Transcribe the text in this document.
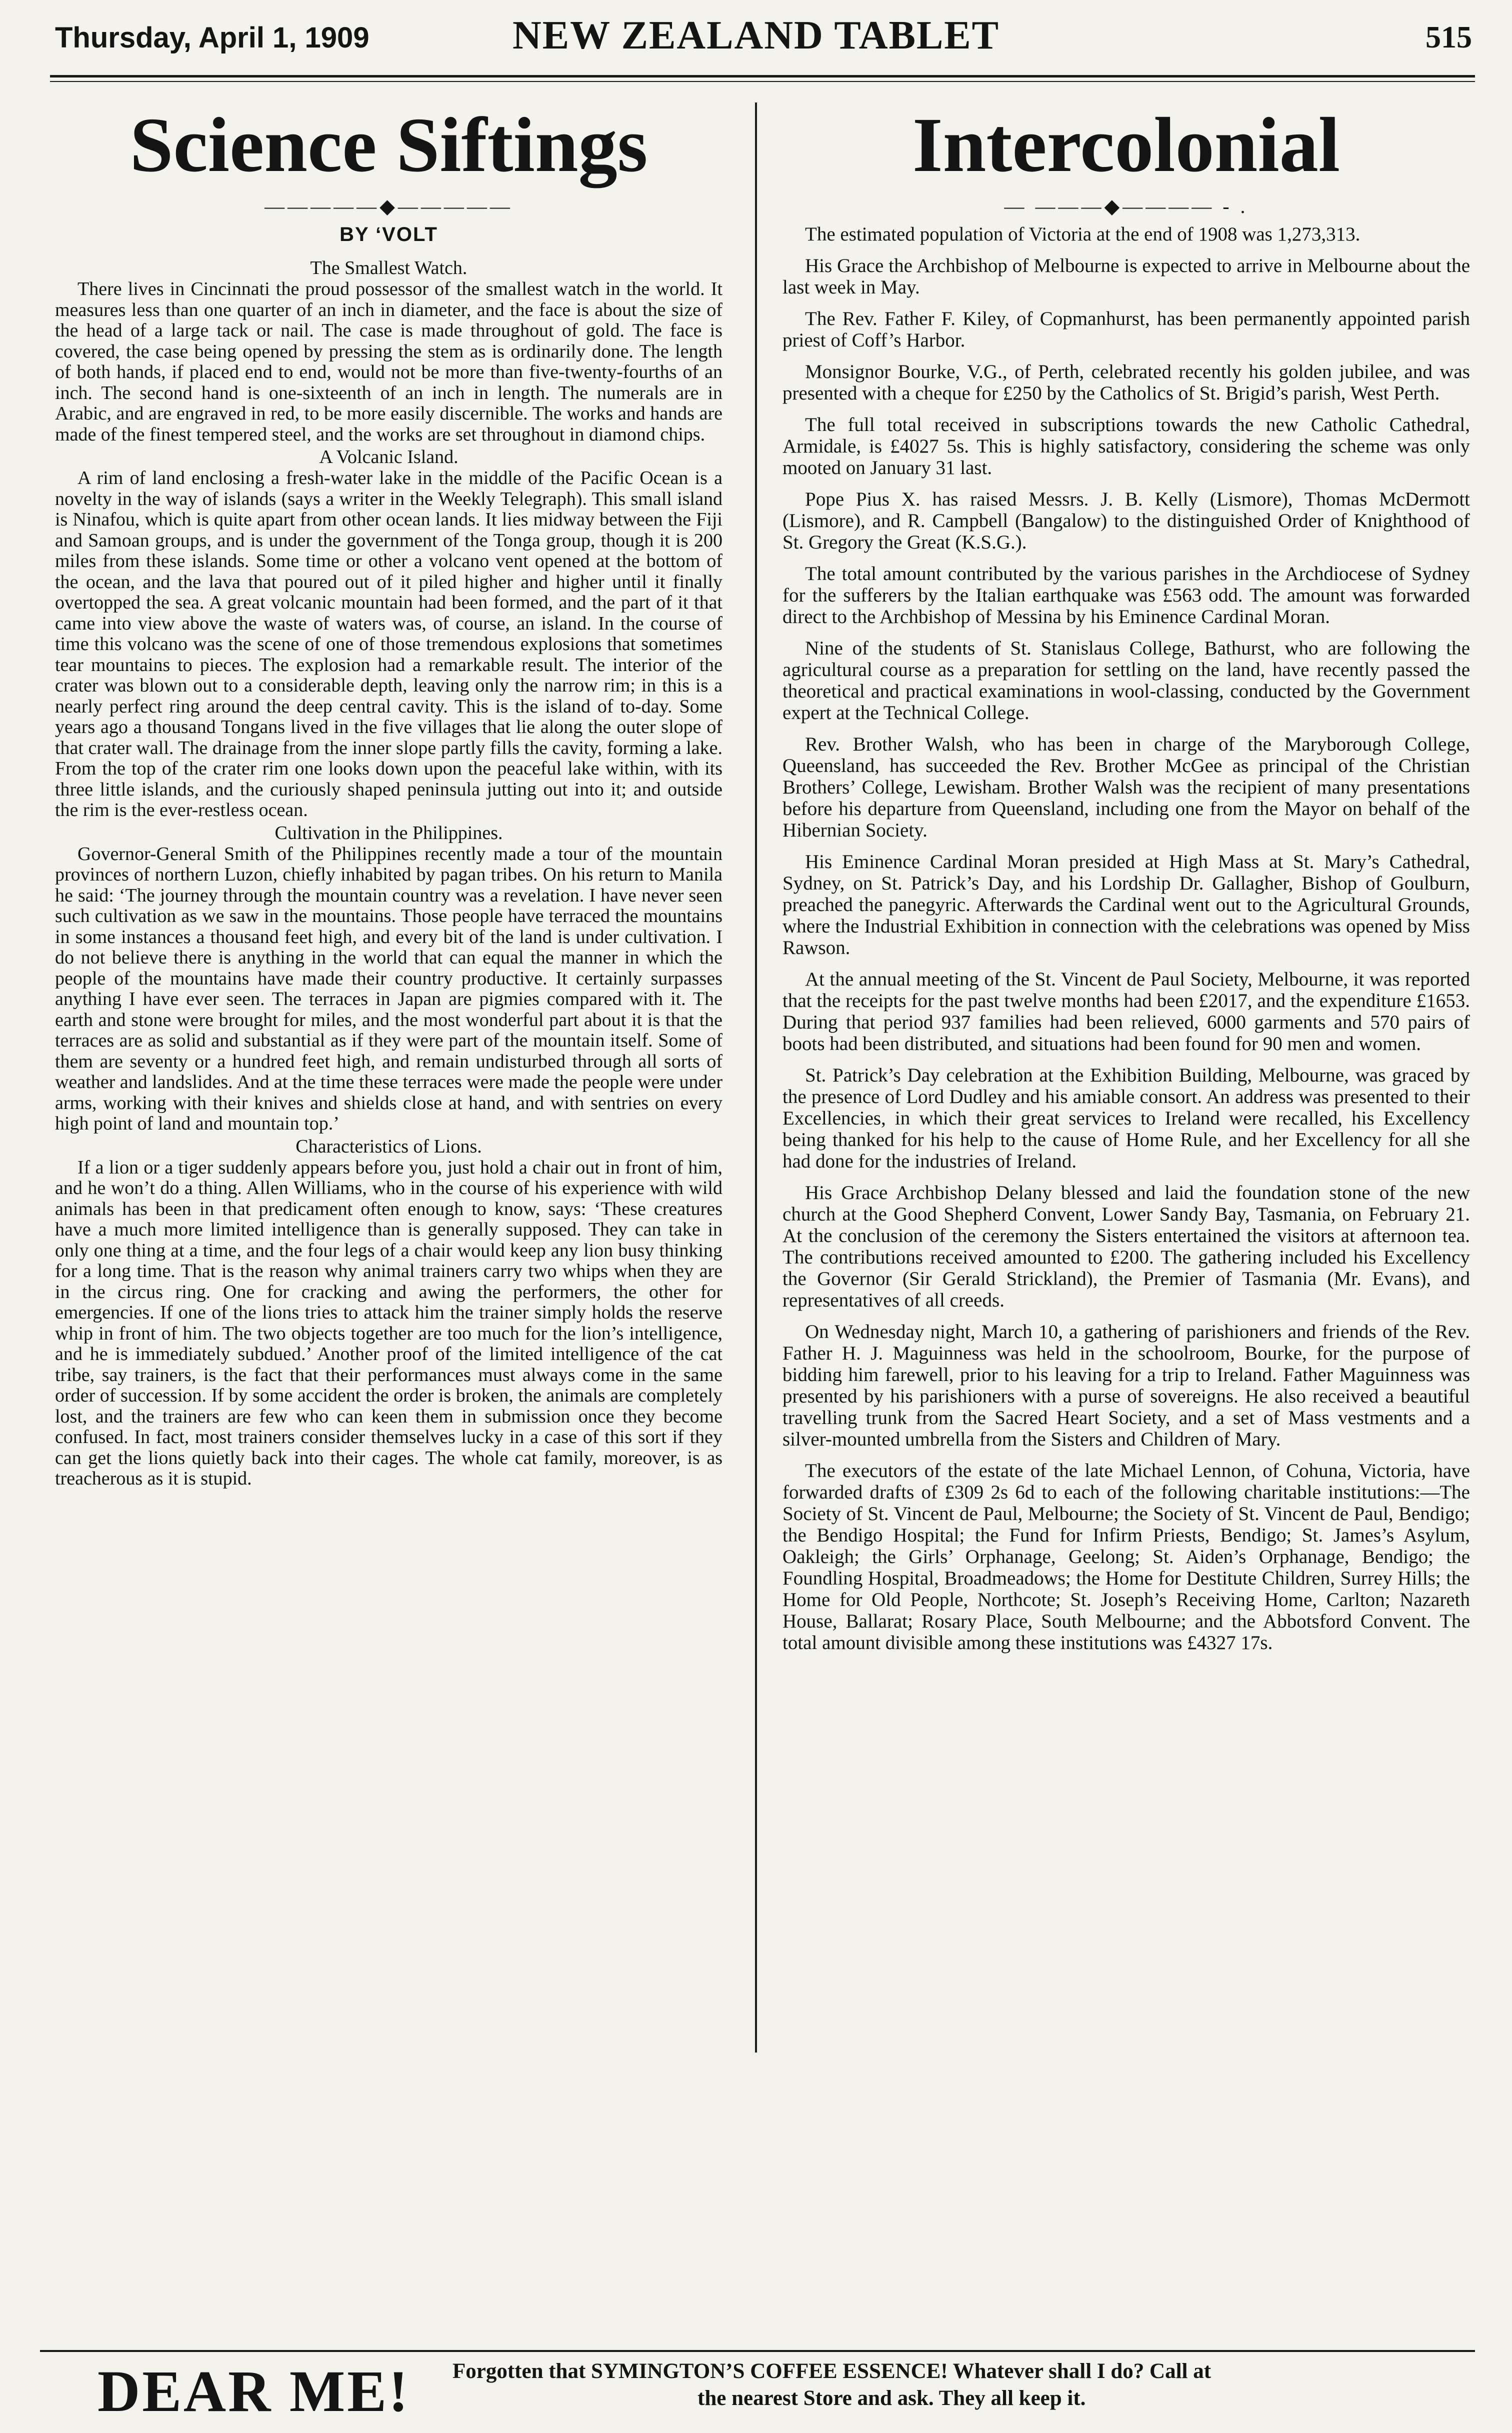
Thursday, April 1, 1909	NEW ZEALAND TABLET	515
Science Siftings
—————◆—————
BY ‘VOLT
The Smallest Watch.

There lives in Cincinnati the proud possessor of the smallest watch in the world. It measures less than one quarter of an inch in diameter, and the face is about the size of the head of a large tack or nail. The case is made throughout of gold. The face is covered, the case being opened by pressing the stem as is ordinarily done. The length of both hands, if placed end to end, would not be more than five-twenty-fourths of an inch. The second hand is one-sixteenth of an inch in length. The numerals are in Arabic, and are engraved in red, to be more easily discernible. The works and hands are made of the finest tempered steel, and the works are set throughout in diamond chips.

A Volcanic Island.

A rim of land enclosing a fresh-water lake in the middle of the Pacific Ocean is a novelty in the way of islands (says a writer in the Weekly Telegraph). This small island is Ninafou, which is quite apart from other ocean lands. It lies midway between the Fiji and Samoan groups, and is under the government of the Tonga group, though it is 200 miles from these islands. Some time or other a volcano vent opened at the bottom of the ocean, and the lava that poured out of it piled higher and higher until it finally overtopped the sea. A great volcanic mountain had been formed, and the part of it that came into view above the waste of waters was, of course, an island. In the course of time this volcano was the scene of one of those tremendous explosions that sometimes tear mountains to pieces. The explosion had a remarkable result. The interior of the crater was blown out to a considerable depth, leaving only the narrow rim; in this is a nearly perfect ring around the deep central cavity. This is the island of to-day. Some years ago a thousand Tongans lived in the five villages that lie along the outer slope of that crater wall. The drainage from the inner slope partly fills the cavity, forming a lake. From the top of the crater rim one looks down upon the peaceful lake within, with its three little islands, and the curiously shaped peninsula jutting out into it; and outside the rim is the ever-restless ocean.

Cultivation in the Philippines.

Governor-General Smith of the Philippines recently made a tour of the mountain provinces of northern Luzon, chiefly inhabited by pagan tribes. On his return to Manila he said: ‘The journey through the mountain country was a revelation. I have never seen such cultivation as we saw in the mountains. Those people have terraced the mountains in some instances a thousand feet high, and every bit of the land is under cultivation. I do not believe there is anything in the world that can equal the manner in which the people of the mountains have made their country productive. It certainly surpasses anything I have ever seen. The terraces in Japan are pigmies compared with it. The earth and stone were brought for miles, and the most wonderful part about it is that the terraces are as solid and substantial as if they were part of the mountain itself. Some of them are seventy or a hundred feet high, and remain undisturbed through all sorts of weather and landslides. And at the time these terraces were made the people were under arms, working with their knives and shields close at hand, and with sentries on every high point of land and mountain top.’

Characteristics of Lions.

If a lion or a tiger suddenly appears before you, just hold a chair out in front of him, and he won’t do a thing. Allen Williams, who in the course of his experience with wild animals has been in that predicament often enough to know, says: ‘These creatures have a much more limited intelligence than is generally supposed. They can take in only one thing at a time, and the four legs of a chair would keep any lion busy thinking for a long time. That is the reason why animal trainers carry two whips when they are in the circus ring. One for cracking and awing the performers, the other for emergencies. If one of the lions tries to attack him the trainer simply holds the reserve whip in front of him. The two objects together are too much for the lion’s intelligence, and he is immediately subdued.’ Another proof of the limited intelligence of the cat tribe, say trainers, is the fact that their performances must always come in the same order of succession. If by some accident the order is broken, the animals are completely lost, and the trainers are few who can keen them in submission once they become confused. In fact, most trainers consider themselves lucky in a case of this sort if they can get the lions quietly back into their cages. The whole cat family, moreover, is as treacherous as it is stupid.

Intercolonial
— ———◆———— - .

The estimated population of Victoria at the end of 1908 was 1,273,313.

His Grace the Archbishop of Melbourne is expected to arrive in Melbourne about the last week in May.

The Rev. Father F. Kiley, of Copmanhurst, has been permanently appointed parish priest of Coff’s Harbor.

Monsignor Bourke, V.G., of Perth, celebrated recently his golden jubilee, and was presented with a cheque for £250 by the Catholics of St. Brigid’s parish, West Perth.

The full total received in subscriptions towards the new Catholic Cathedral, Armidale, is £4027 5s. This is highly satisfactory, considering the scheme was only mooted on January 31 last.

Pope Pius X. has raised Messrs. J. B. Kelly (Lismore), Thomas McDermott (Lismore), and R. Campbell (Bangalow) to the distinguished Order of Knighthood of St. Gregory the Great (K.S.G.).

The total amount contributed by the various parishes in the Archdiocese of Sydney for the sufferers by the Italian earthquake was £563 odd. The amount was forwarded direct to the Archbishop of Messina by his Eminence Cardinal Moran.

Nine of the students of St. Stanislaus College, Bathurst, who are following the agricultural course as a preparation for settling on the land, have recently passed the theoretical and practical examinations in wool-classing, conducted by the Government expert at the Technical College.

Rev. Brother Walsh, who has been in charge of the Maryborough College, Queensland, has succeeded the Rev. Brother McGee as principal of the Christian Brothers’ College, Lewisham. Brother Walsh was the recipient of many presentations before his departure from Queensland, including one from the Mayor on behalf of the Hibernian Society.

His Eminence Cardinal Moran presided at High Mass at St. Mary’s Cathedral, Sydney, on St. Patrick’s Day, and his Lordship Dr. Gallagher, Bishop of Goulburn, preached the panegyric. Afterwards the Cardinal went out to the Agricultural Grounds, where the Industrial Exhibition in connection with the celebrations was opened by Miss Rawson.

At the annual meeting of the St. Vincent de Paul Society, Melbourne, it was reported that the receipts for the past twelve months had been £2017, and the expenditure £1653. During that period 937 families had been relieved, 6000 garments and 570 pairs of boots had been distributed, and situations had been found for 90 men and women.

St. Patrick’s Day celebration at the Exhibition Building, Melbourne, was graced by the presence of Lord Dudley and his amiable consort. An address was presented to their Excellencies, in which their great services to Ireland were recalled, his Excellency being thanked for his help to the cause of Home Rule, and her Excellency for all she had done for the industries of Ireland.

His Grace Archbishop Delany blessed and laid the foundation stone of the new church at the Good Shepherd Convent, Lower Sandy Bay, Tasmania, on February 21. At the conclusion of the ceremony the Sisters entertained the visitors at afternoon tea. The contributions received amounted to £200. The gathering included his Excellency the Governor (Sir Gerald Strickland), the Premier of Tasmania (Mr. Evans), and representatives of all creeds.

On Wednesday night, March 10, a gathering of parishioners and friends of the Rev. Father H. J. Maguinness was held in the schoolroom, Bourke, for the purpose of bidding him farewell, prior to his leaving for a trip to Ireland. Father Maguinness was presented by his parishioners with a purse of sovereigns. He also received a beautiful travelling trunk from the Sacred Heart Society, and a set of Mass vestments and a silver-mounted umbrella from the Sisters and Children of Mary.

The executors of the estate of the late Michael Lennon, of Cohuna, Victoria, have forwarded drafts of £309 2s 6d to each of the following charitable institutions:—The Society of St. Vincent de Paul, Melbourne; the Society of St. Vincent de Paul, Bendigo; the Bendigo Hospital; the Fund for Infirm Priests, Bendigo; St. James’s Asylum, Oakleigh; the Girls’ Orphanage, Geelong; St. Aiden’s Orphanage, Bendigo; the Foundling Hospital, Broadmeadows; the Home for Destitute Children, Surrey Hills; the Home for Old People, Northcote; St. Joseph’s Receiving Home, Carlton; Nazareth House, Ballarat; Rosary Place, South Melbourne; and the Abbotsford Convent. The total amount divisible among these institutions was £4327 17s.

DEAR ME! Forgotten that SYMINGTON’S COFFEE ESSENCE! Whatever shall I do? Call at
the nearest Store and ask. They all keep it.
